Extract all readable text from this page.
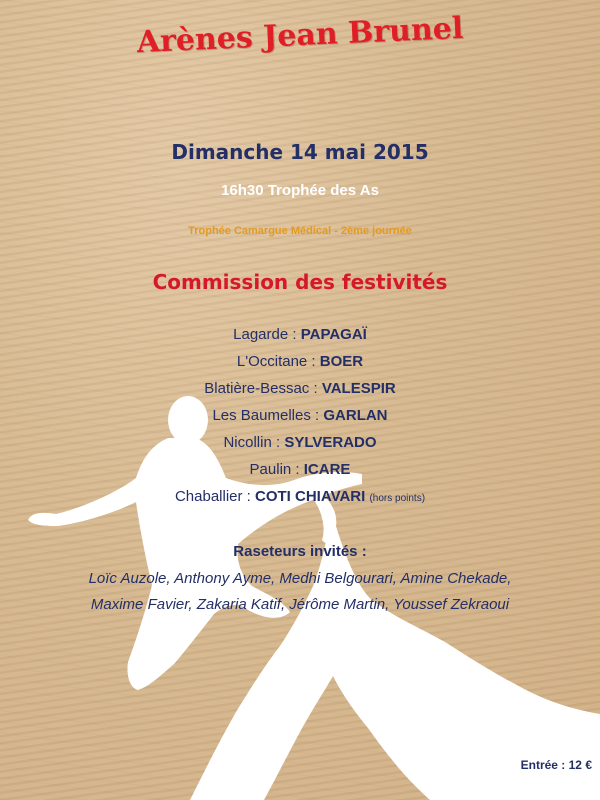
Arènes Jean Brunel
Dimanche 14 mai 2015
16h30 Trophée des As
Trophée Camargue Médical - 2ème journée
Commission des festivités
Lagarde : PAPAGAÏ
L'Occitane : BOER
Blatière-Bessac : VALESPIR
Les Baumelles : GARLAN
Nicollin : SYLVERADO
Paulin : ICARE
Chaballier : COTI CHIAVARI (hors points)
Raseteurs invités :
Loïc Auzole, Anthony Ayme, Medhi Belgourari, Amine Chekade,
Maxime Favier, Zakaria Katif, Jérôme Martin, Youssef Zekraoui
Entrée : 12 €
